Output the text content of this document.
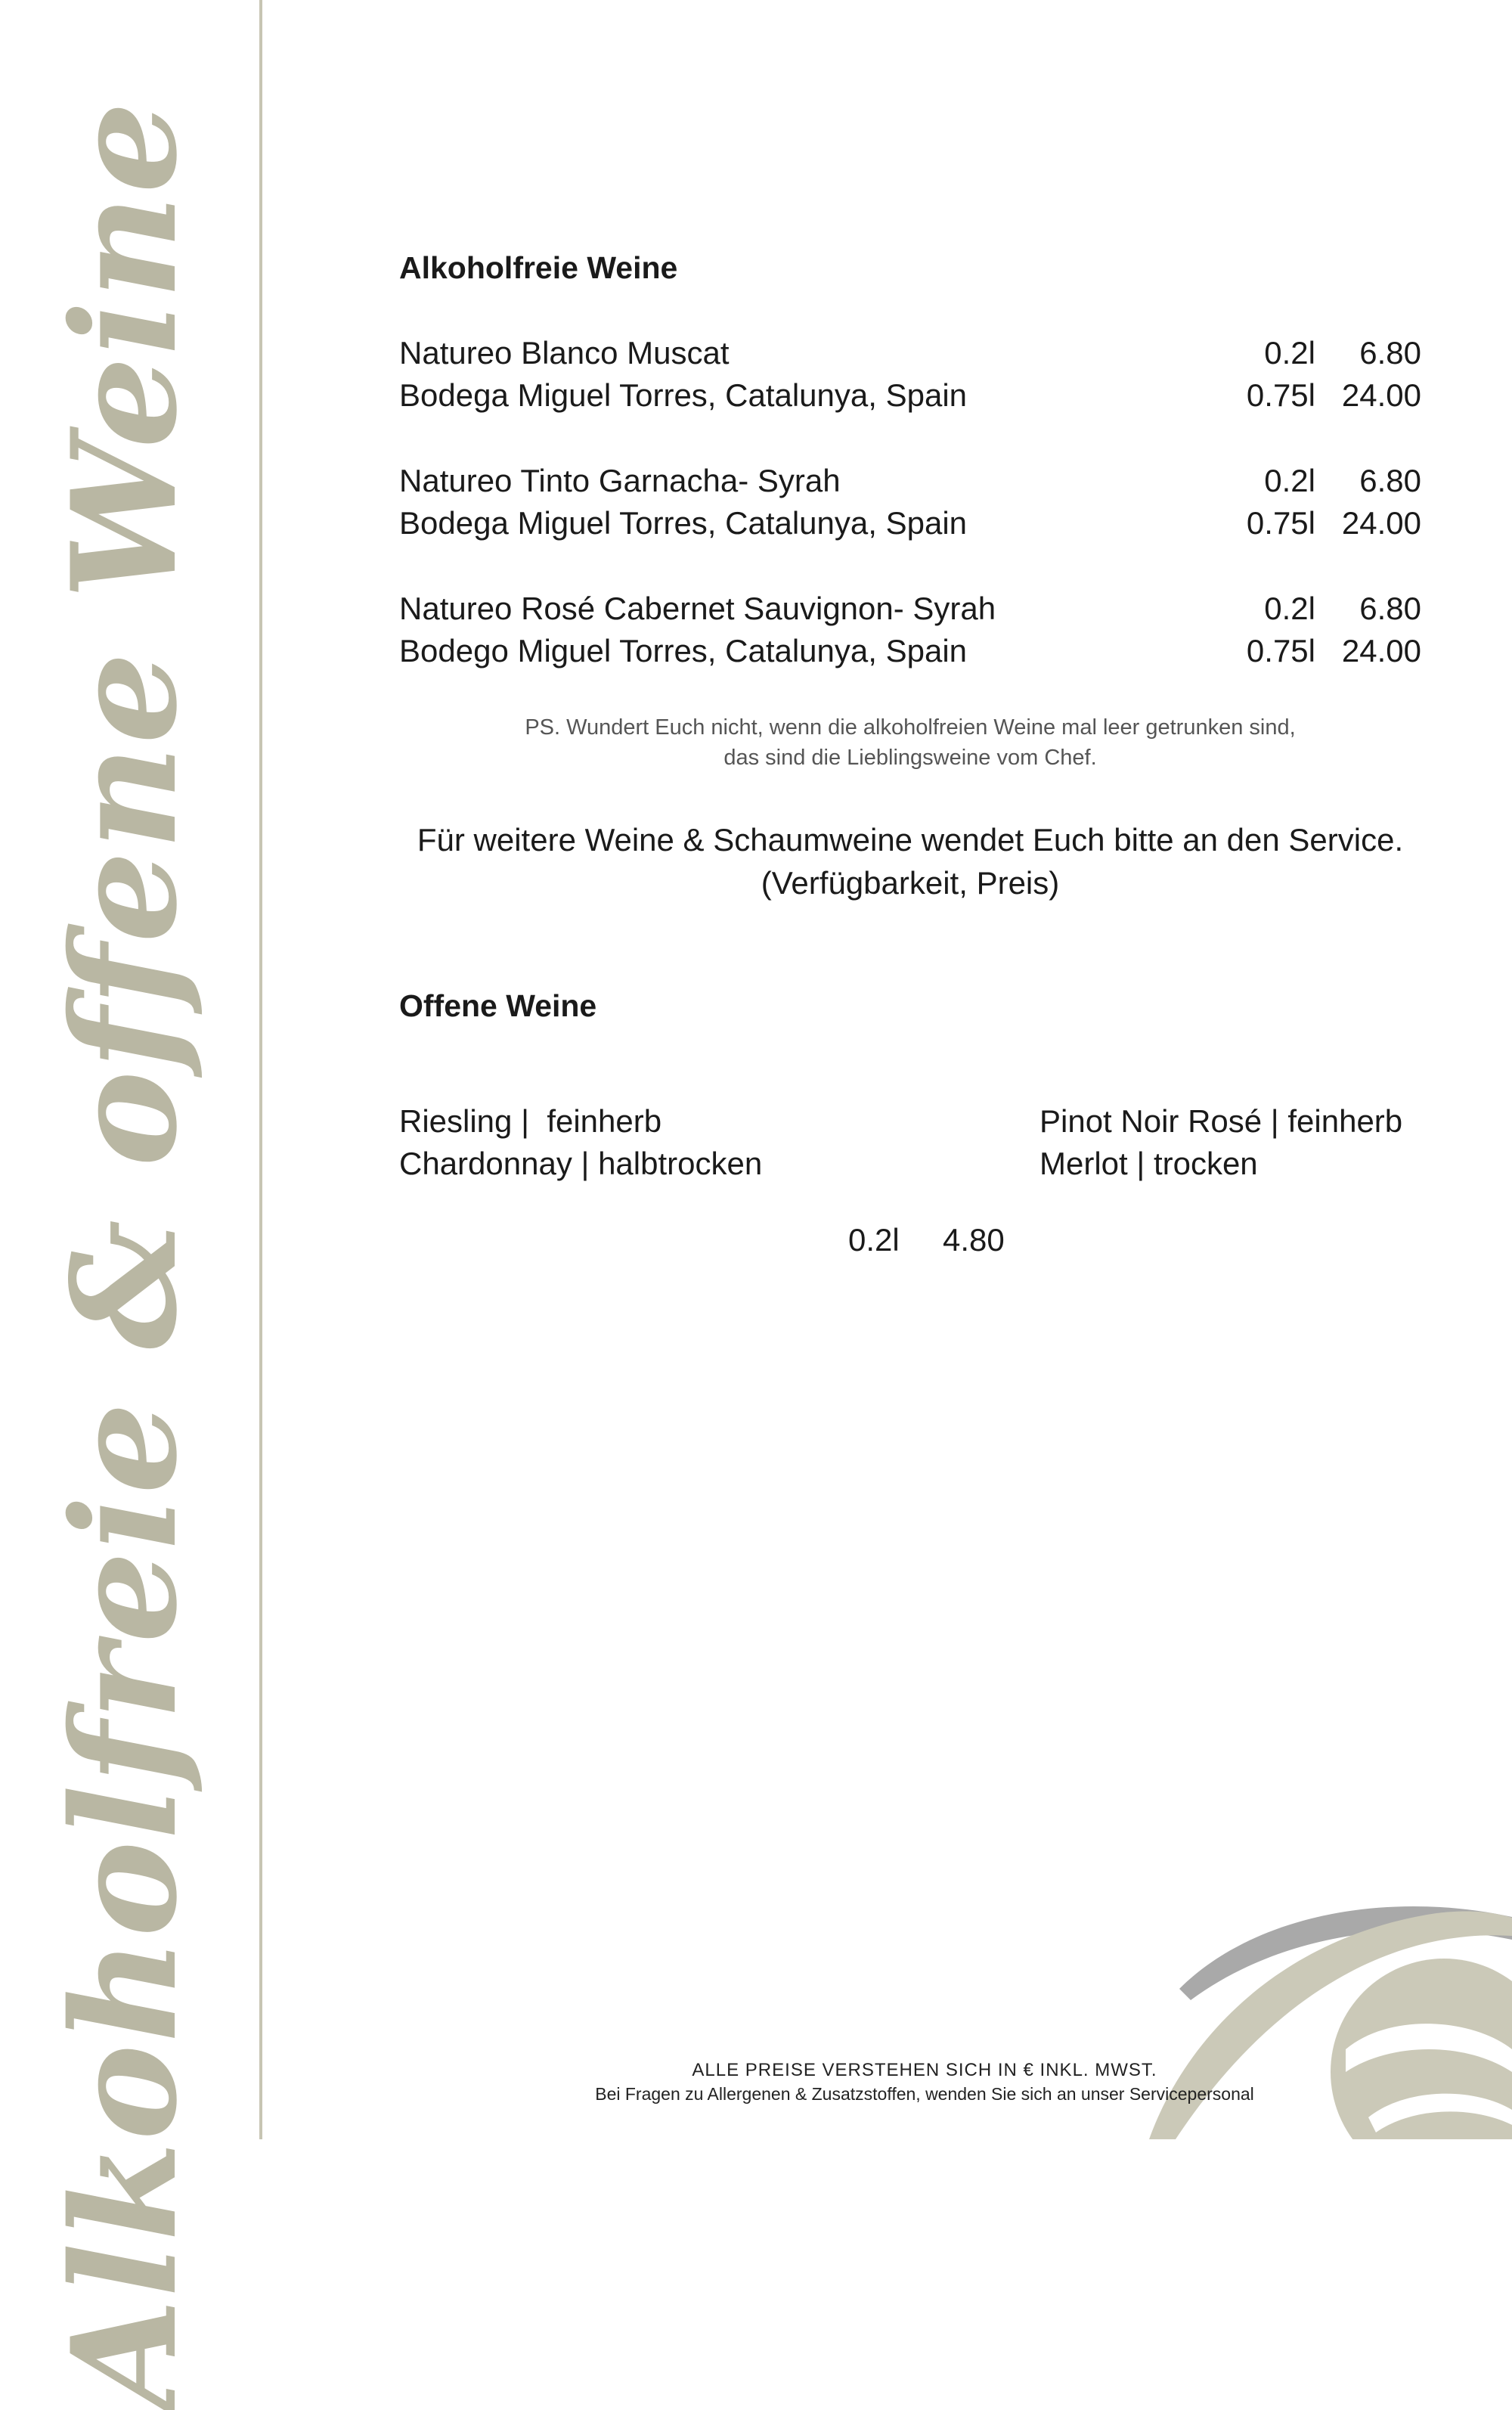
Alkoholfreie & offene Weine	Alkoholfreie Weine
Natureo Blanco Muscat	0.2l 6.80
Bodega Miguel Torres, Catalunya, Spain	0.75l 24.00
Natureo Tinto Garnacha- Syrah	0.2l 6.80
Bodega Miguel Torres, Catalunya, Spain	0.75l 24.00
Natureo Rosé Cabernet Sauvignon- Syrah	0.2l 6.80
Bodego Miguel Torres, Catalunya, Spain	0.75l 24.00
PS. Wundert Euch nicht, wenn die alkoholfreien Weine mal leer getrunken sind,
das sind die Lieblingsweine vom Chef.
Für weitere Weine & Schaumweine wendet Euch bitte an den Service.
(Verfügbarkeit, Preis)
Offene Weine
Riesling |  feinherb
Chardonnay | halbtrocken
Pinot Noir Rosé | feinherb
Merlot | trocken
0.2l 4.80
ALLE PREISE VERSTEHEN SICH IN € INKL. MWST.
Bei Fragen zu Allergenen & Zusatzstoffen, wenden Sie sich an unser Servicepersonal
